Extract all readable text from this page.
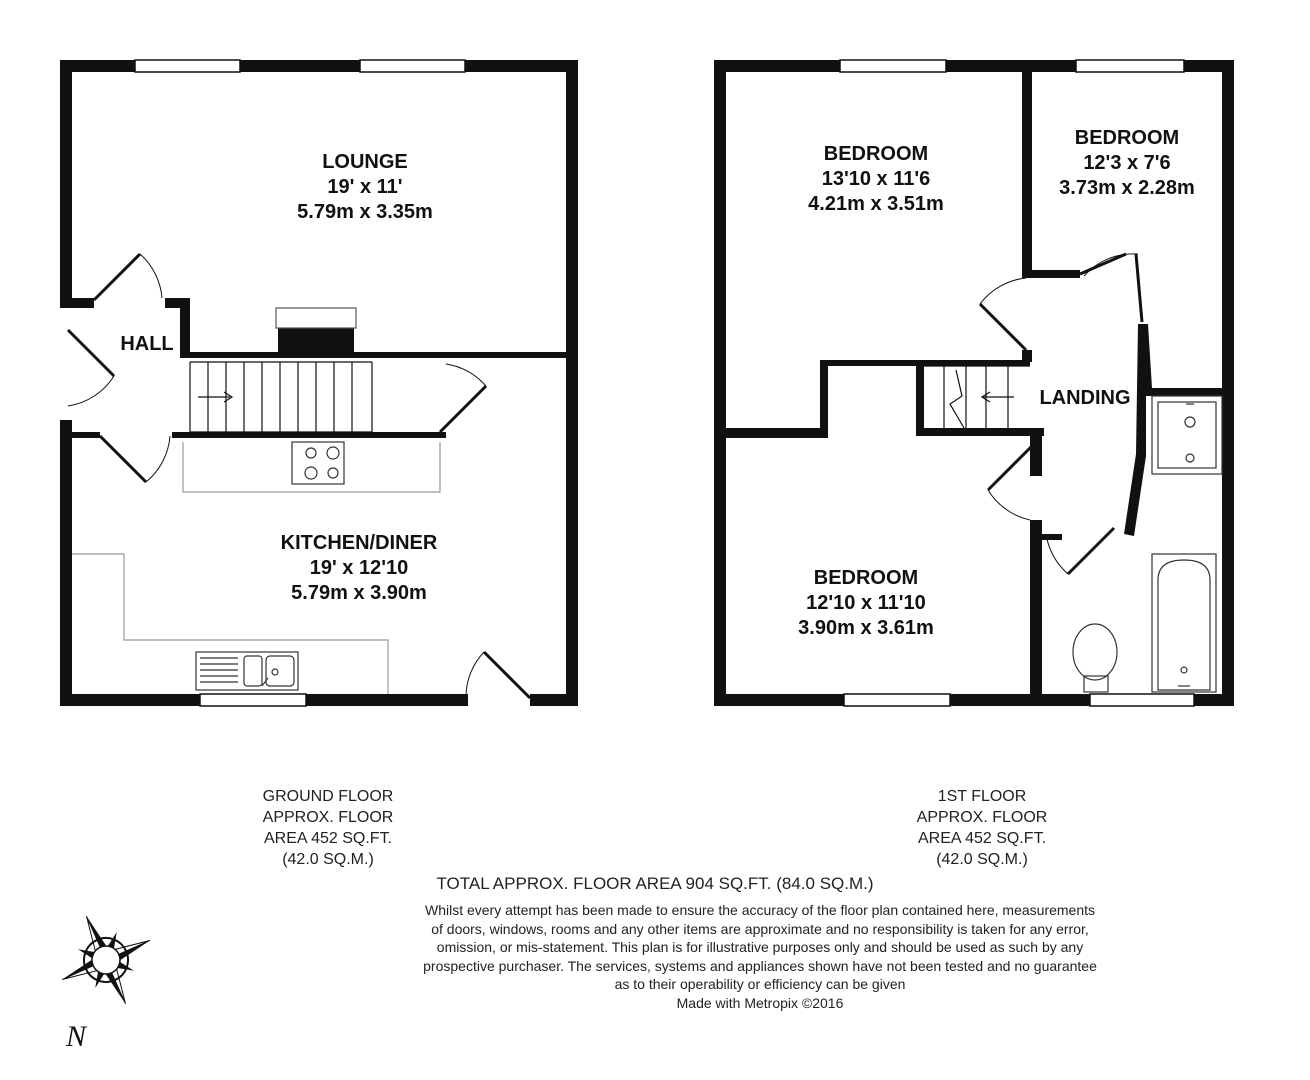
LOUNGE
19' x 11'
5.79m x 3.35m
HALL
KITCHEN/DINER
19' x 12'10
5.79m x 3.90m
BEDROOM
13'10 x 11'6
4.21m x 3.51m
BEDROOM
12'3 x 7'6
3.73m x 2.28m
LANDING
BEDROOM
12'10 x 11'10
3.90m x 3.61m
GROUND FLOOR
APPROX. FLOOR
AREA 452 SQ.FT.
(42.0 SQ.M.)
1ST FLOOR
APPROX. FLOOR
AREA 452 SQ.FT.
(42.0 SQ.M.)
TOTAL APPROX. FLOOR AREA 904 SQ.FT. (84.0 SQ.M.)
Whilst every attempt has been made to ensure the accuracy of the floor plan contained here, measurements
of doors, windows, rooms and any other items are approximate and no responsibility is taken for any error,
omission, or mis-statement. This plan is for illustrative purposes only and should be used as such by any
prospective purchaser. The services, systems and appliances shown have not been tested and no guarantee
as to their operability or efficiency can be given
Made with Metropix ©2016
N
